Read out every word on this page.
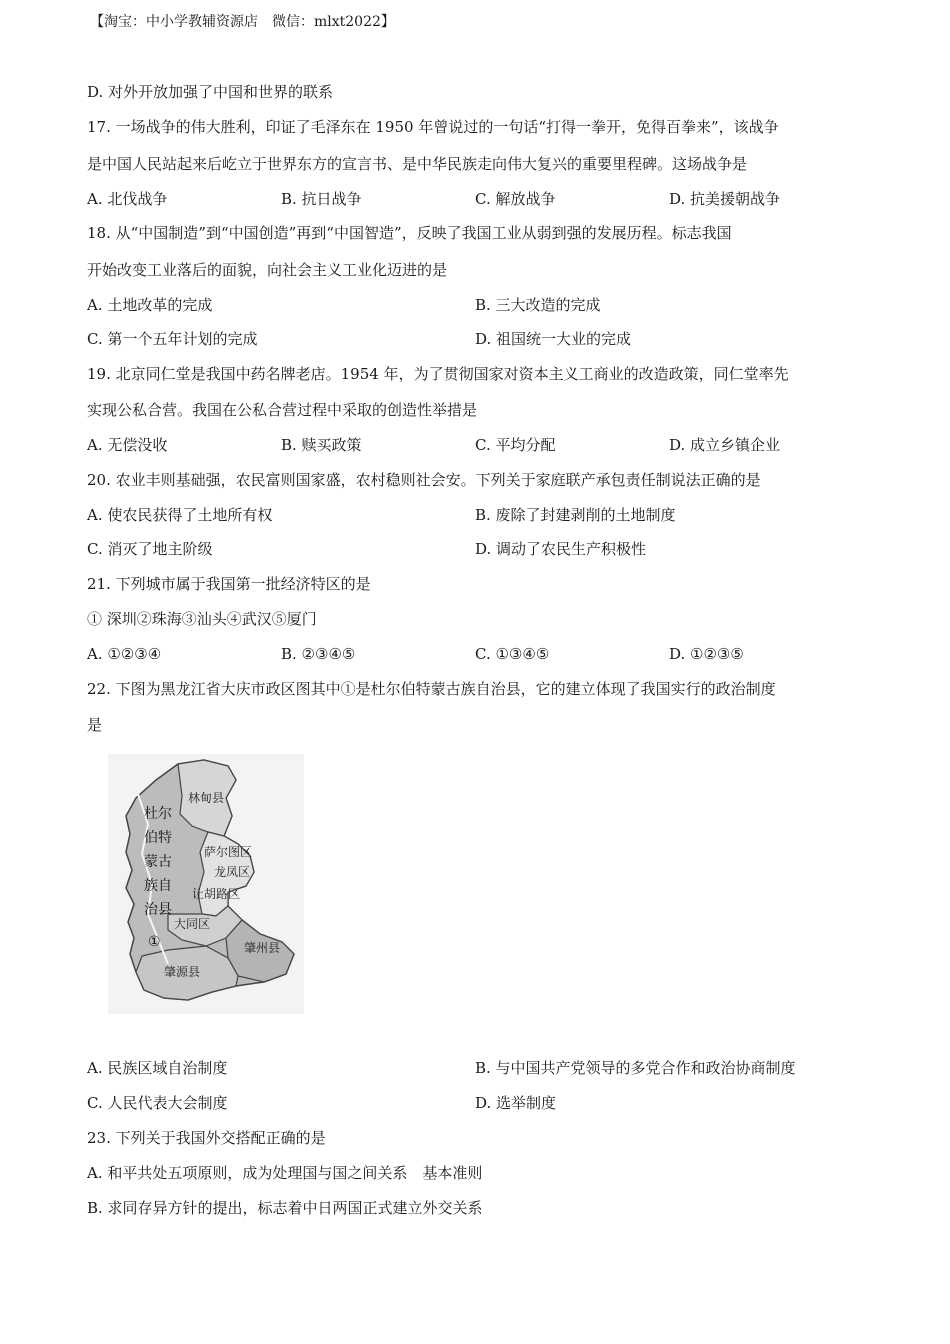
【淘宝：中小学教辅资源店　微信：mlxt2022】
D. 对外开放加强了中国和世界的联系
17. 一场战争的伟大胜利，印证了毛泽东在 1950 年曾说过的一句话“打得一拳开，免得百拳来”，该战争
是中国人民站起来后屹立于世界东方的宣言书、是中华民族走向伟大复兴的重要里程碑。这场战争是
A. 北伐战争	B. 抗日战争	C. 解放战争	D. 抗美援朝战争
18. 从“中国制造”到“中国创造”再到“中国智造”，反映了我国工业从弱到强的发展历程。标志我国
开始改变工业落后的面貌，向社会主义工业化迈进的是
A. 土地改革的完成	B. 三大改造的完成
C. 第一个五年计划的完成	D. 祖国统一大业的完成
19. 北京同仁堂是我国中药名牌老店。1954 年，为了贯彻国家对资本主义工商业的改造政策，同仁堂率先
实现公私合营。我国在公私合营过程中采取的创造性举措是
A. 无偿没收	B. 赎买政策	C. 平均分配	D. 成立乡镇企业
20. 农业丰则基础强，农民富则国家盛，农村稳则社会安。下列关于家庭联产承包责任制说法正确的是
A. 使农民获得了土地所有权	B. 废除了封建剥削的土地制度
C. 消灭了地主阶级	D. 调动了农民生产积极性
21. 下列城市属于我国第一批经济特区的是
① 深圳②珠海③汕头④武汉⑤厦门
A. ①②③④	B. ②③④⑤	C. ①③④⑤	D. ①②③⑤
22. 下图为黑龙江省大庆市政区图其中①是杜尔伯特蒙古族自治县，它的建立体现了我国实行的政治制度
是
林甸县
杜尔
伯特
蒙古
族自
治县
①
萨尔图区
龙凤区
让胡路区
大同区
肇州县
肇源县
A. 民族区域自治制度	B. 与中国共产党领导的多党合作和政治协商制度
C. 人民代表大会制度	D. 选举制度
23. 下列关于我国外交搭配正确的是
A. 和平共处五项原则，成为处理国与国之间关系　基本准则
B. 求同存异方针的提出，标志着中日两国正式建立外交关系
